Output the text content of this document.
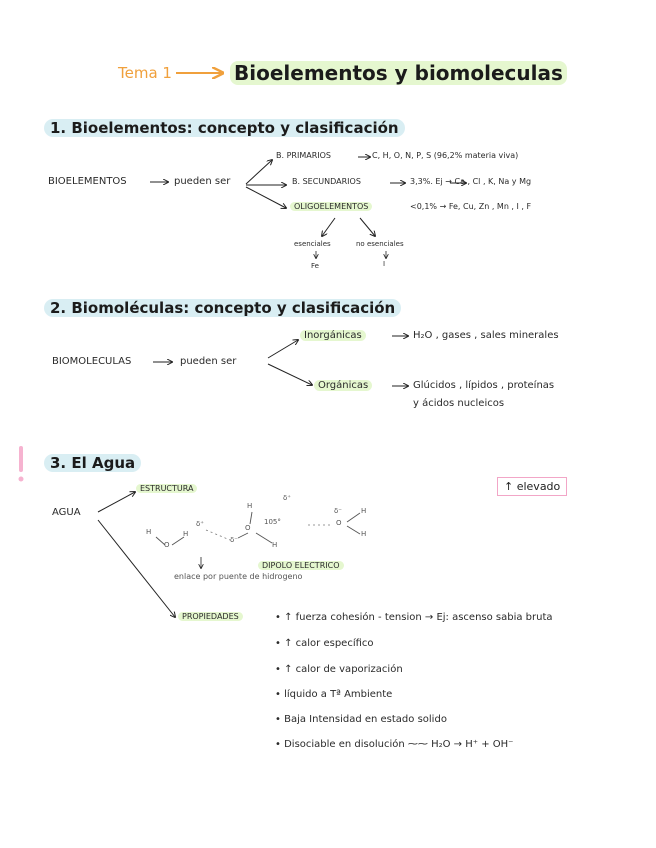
Tema 1	Bioelementos y biomoleculas
1. Bioelementos: concepto y clasificación
BIOELEMENTOS	pueden ser
B. PRIMARIOS	C, H, O, N, P, S (96,2% materia viva)
B. SECUNDARIOS	3,3%. Ej → Ca , Cl , K, Na y Mg
OLIGOELEMENTOS	<0,1% → Fe, Cu, Zn , Mn , I , F
esenciales	no esenciales
Fe	I
2. Biomoléculas: concepto y clasificación
BIOMOLECULAS	pueden ser
Inorgánicas	H₂O , gases , sales minerales
Orgánicas	Glúcidos , lípidos , proteínas
y ácidos nucleicos
3. El Agua
↑ elevado
AGUA
ESTRUCTURA
H
O
H
δ⁺
H
O
δ⁻
H
105°
δ⁺
O
δ⁻	H
H
DIPOLO ELECTRICO
enlace por puente de hidrogeno
PROPIEDADES	• ↑ fuerza cohesión - tension → Ej: ascenso sabia bruta
• ↑ calor específico
• ↑ calor de vaporización
• líquido a Tª Ambiente
• Baja Intensidad en estado solido
• Disociable en disolución ⁓⁓ H₂O → H⁺ + OH⁻
